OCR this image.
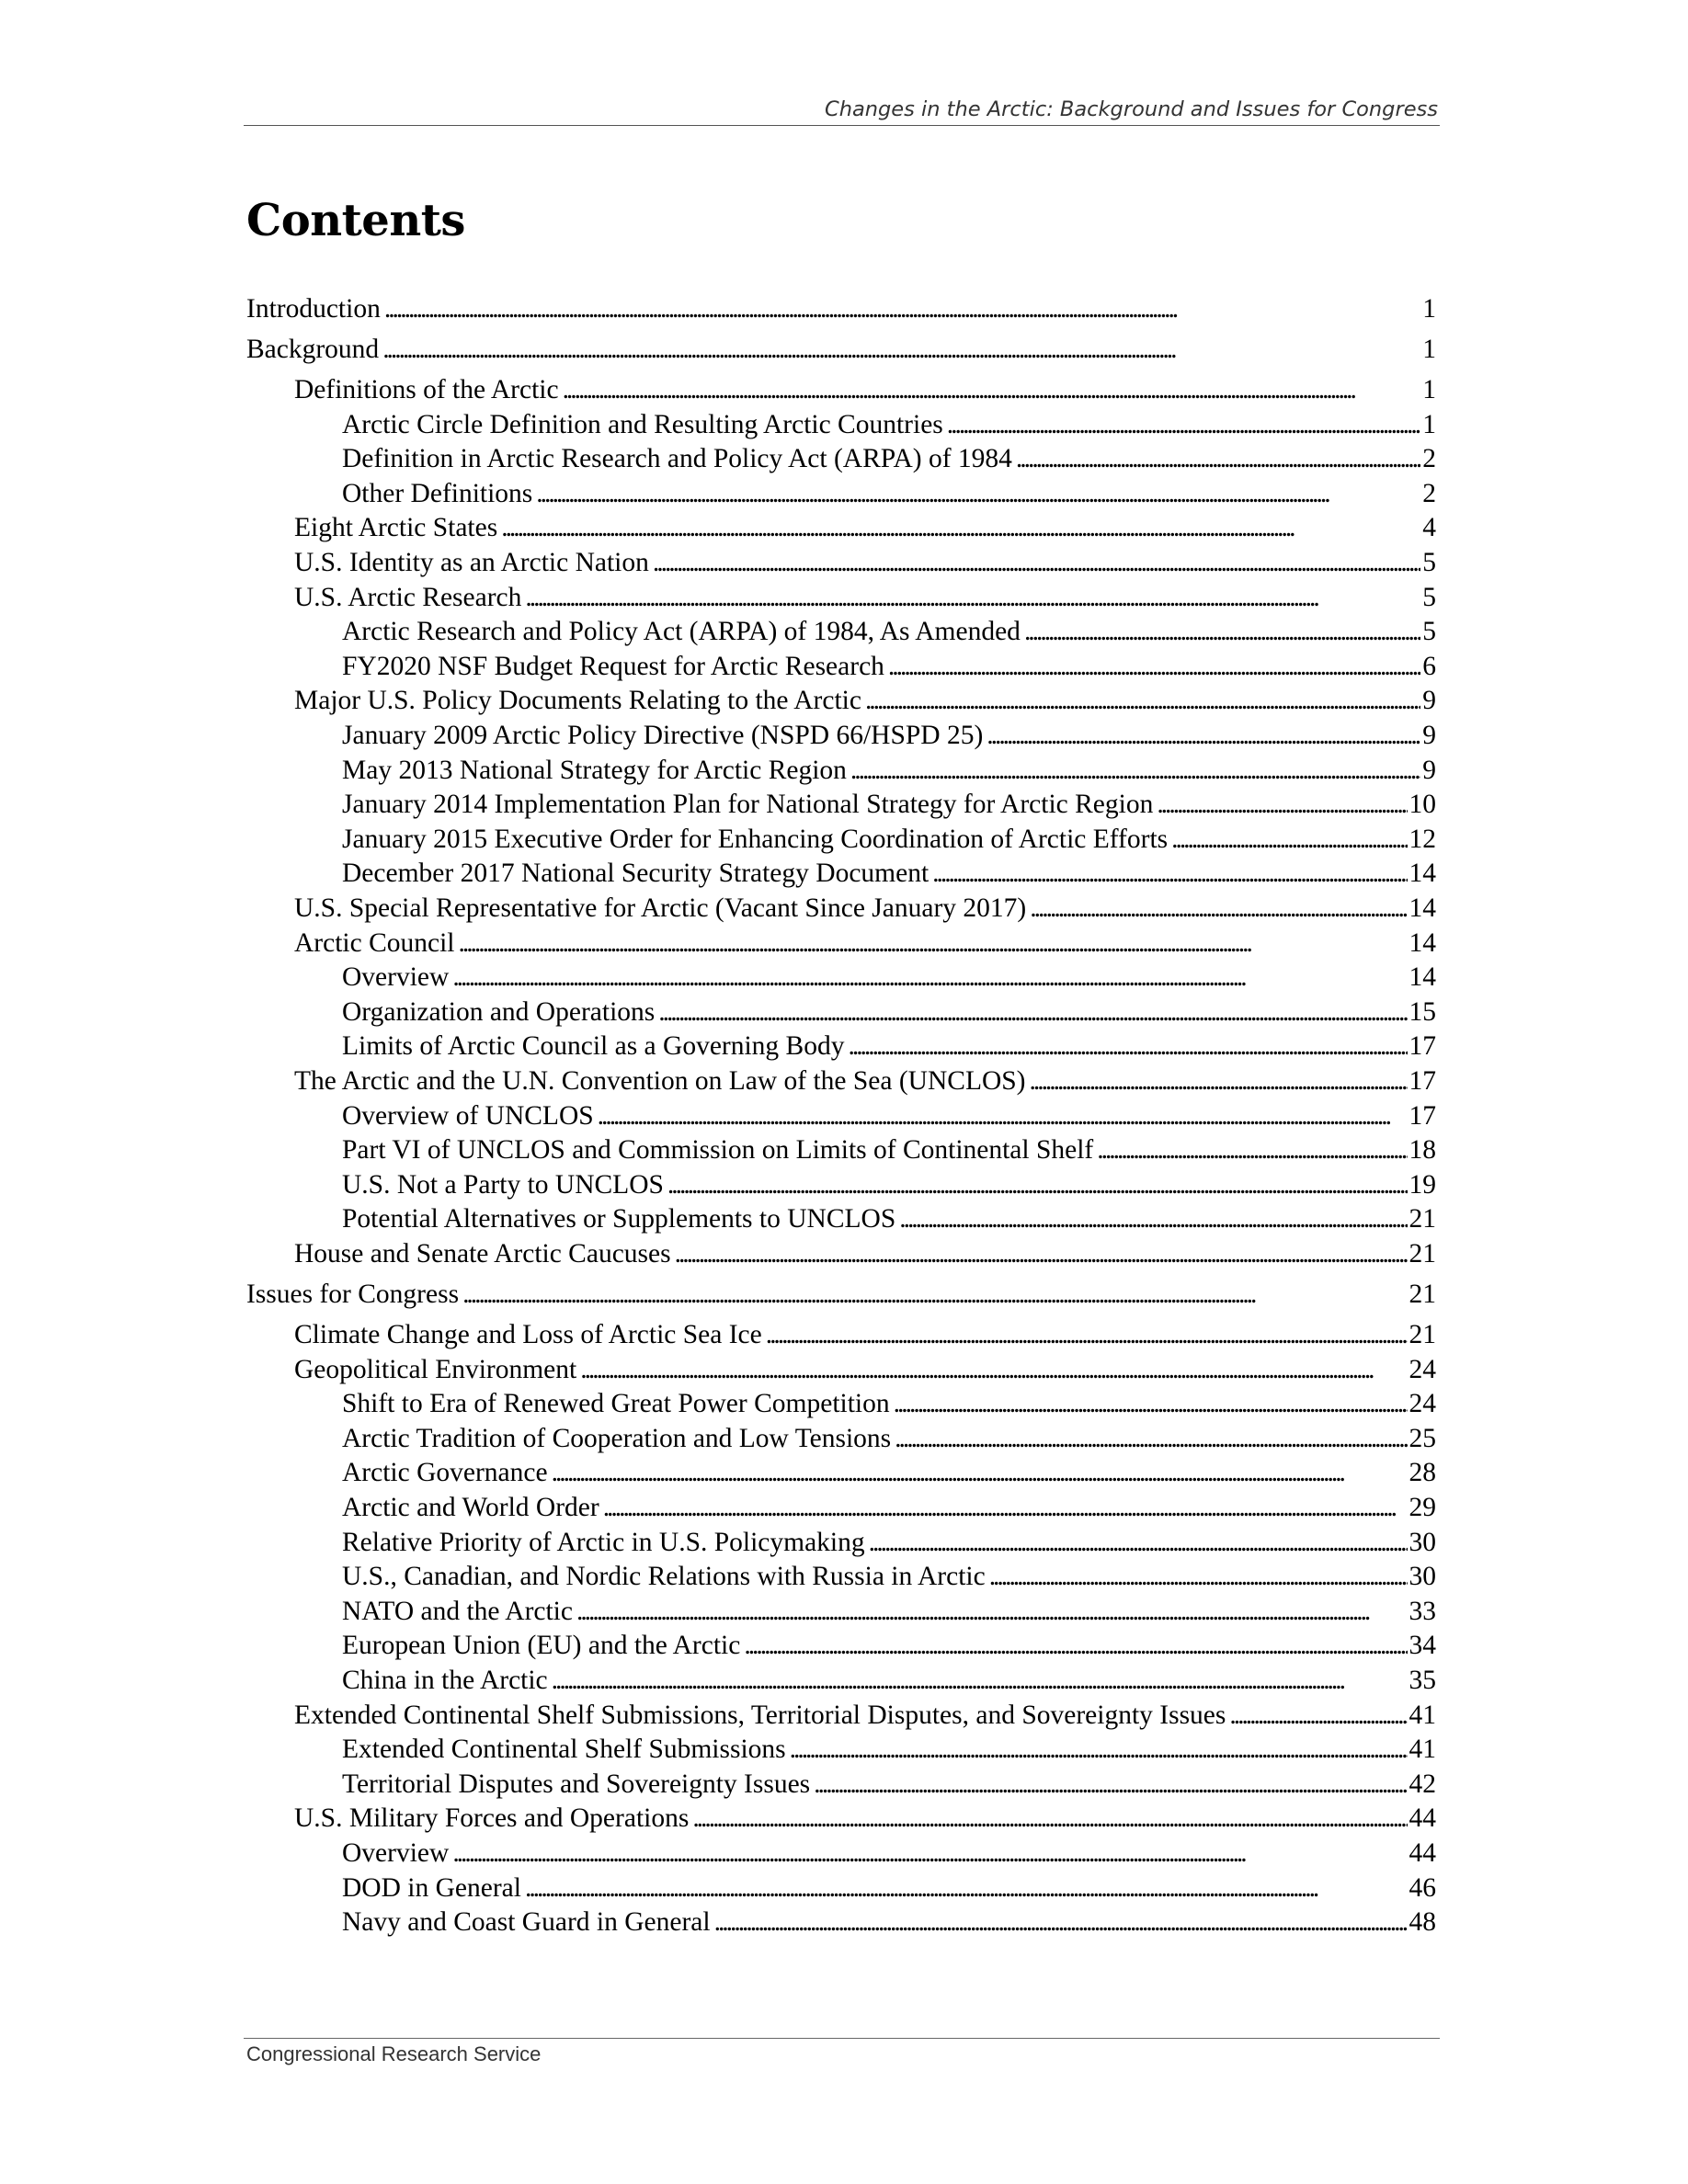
Changes in the Arctic: Background and Issues for Congress
Contents
Introduction . . .	1
Background . . .	1
Definitions of the Arctic . . .	1
Arctic Circle Definition and Resulting Arctic Countries . . .	1
Definition in Arctic Research and Policy Act (ARPA) of 1984 . . .	2
Other Definitions . . .	2
Eight Arctic States . . .	4
U.S. Identity as an Arctic Nation . . .	5
U.S. Arctic Research . . .	5
Arctic Research and Policy Act (ARPA) of 1984, As Amended . . .	5
FY2020 NSF Budget Request for Arctic Research . . .	6
Major U.S. Policy Documents Relating to the Arctic . . .	9
January 2009 Arctic Policy Directive (NSPD 66/HSPD 25) . . .	9
May 2013 National Strategy for Arctic Region . . .	9
January 2014 Implementation Plan for National Strategy for Arctic Region . . .	10
January 2015 Executive Order for Enhancing Coordination of Arctic Efforts . . .	12
December 2017 National Security Strategy Document . . .	14
U.S. Special Representative for Arctic (Vacant Since January 2017) . . .	14
Arctic Council . . .	14
Overview . . .	14
Organization and Operations . . .	15
Limits of Arctic Council as a Governing Body . . .	17
The Arctic and the U.N. Convention on Law of the Sea (UNCLOS) . . .	17
Overview of UNCLOS . . .	17
Part VI of UNCLOS and Commission on Limits of Continental Shelf . . .	18
U.S. Not a Party to UNCLOS . . .	19
Potential Alternatives or Supplements to UNCLOS . . .	21
House and Senate Arctic Caucuses . . .	21
Issues for Congress . . .	21
Climate Change and Loss of Arctic Sea Ice . . .	21
Geopolitical Environment . . .	24
Shift to Era of Renewed Great Power Competition . . .	24
Arctic Tradition of Cooperation and Low Tensions . . .	25
Arctic Governance . . .	28
Arctic and World Order . . .	29
Relative Priority of Arctic in U.S. Policymaking . . .	30
U.S., Canadian, and Nordic Relations with Russia in Arctic . . .	30
NATO and the Arctic . . .	33
European Union (EU) and the Arctic . . .	34
China in the Arctic . . .	35
Extended Continental Shelf Submissions, Territorial Disputes, and Sovereignty Issues . . .	41
Extended Continental Shelf Submissions . . .	41
Territorial Disputes and Sovereignty Issues . . .	42
U.S. Military Forces and Operations . . .	44
Overview . . .	44
DOD in General . . .	46
Navy and Coast Guard in General . . .	48
Congressional Research Service
